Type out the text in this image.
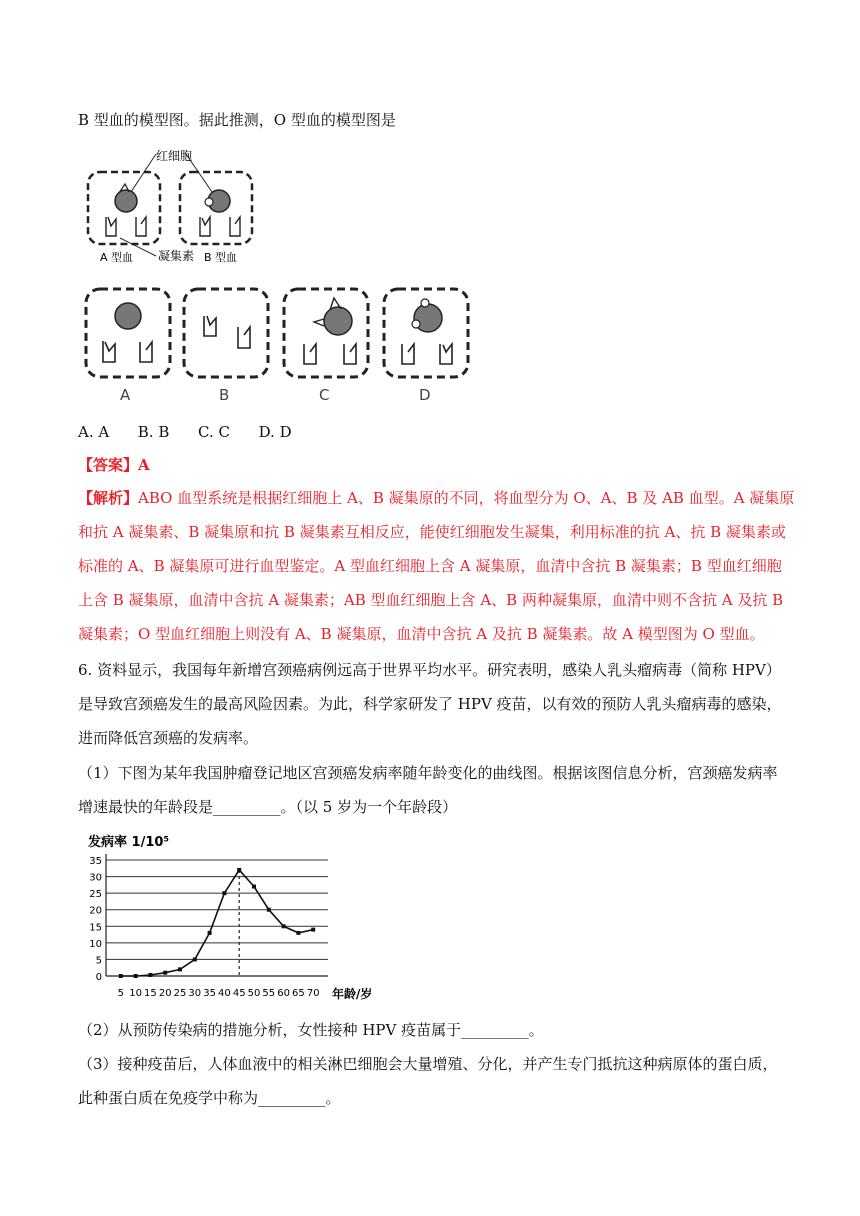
B 型血的模型图。据此推测，O 型血的模型图是
红细胞
凝集素
A 型血	B 型血
A	B	C	D
A. A      B. B      C. C      D. D
【答案】A
【解析】ABO 血型系统是根据红细胞上 A、B 凝集原的不同，将血型分为 O、A、B 及 AB 血型。A 凝集原
和抗 A 凝集素、B 凝集原和抗 B 凝集素互相反应，能使红细胞发生凝集，利用标准的抗 A、抗 B 凝集素或
标准的 A、B 凝集原可进行血型鉴定。A 型血红细胞上含 A 凝集原，血清中含抗 B 凝集素；B 型血红细胞
上含 B 凝集原，血清中含抗 A 凝集素；AB 型血红细胞上含 A、B 两种凝集原，血清中则不含抗 A 及抗 B
凝集素；O 型血红细胞上则没有 A、B 凝集原，血清中含抗 A 及抗 B 凝集素。故 A 模型图为 O 型血。
6. 资料显示，我国每年新增宫颈癌病例远高于世界平均水平。研究表明，感染人乳头瘤病毒（简称 HPV）
是导致宫颈癌发生的最高风险因素。为此，科学家研发了 HPV 疫苗，以有效的预防人乳头瘤病毒的感染，
进而降低宫颈癌的发病率。
（1）下图为某年我国肿瘤登记地区宫颈癌发病率随年龄变化的曲线图。根据该图信息分析，宫颈癌发病率
增速最快的年龄段是_________。（以 5 岁为一个年龄段）
发病率 1/10⁵
年龄/岁
0
5
10
15
20
25
30
35
5 10 15 20 25 30 35 40 45 50 55 60 65 70
（2）从预防传染病的措施分析，女性接种 HPV 疫苗属于_________。
（3）接种疫苗后，人体血液中的相关淋巴细胞会大量增殖、分化，并产生专门抵抗这种病原体的蛋白质，
此种蛋白质在免疫学中称为_________。
